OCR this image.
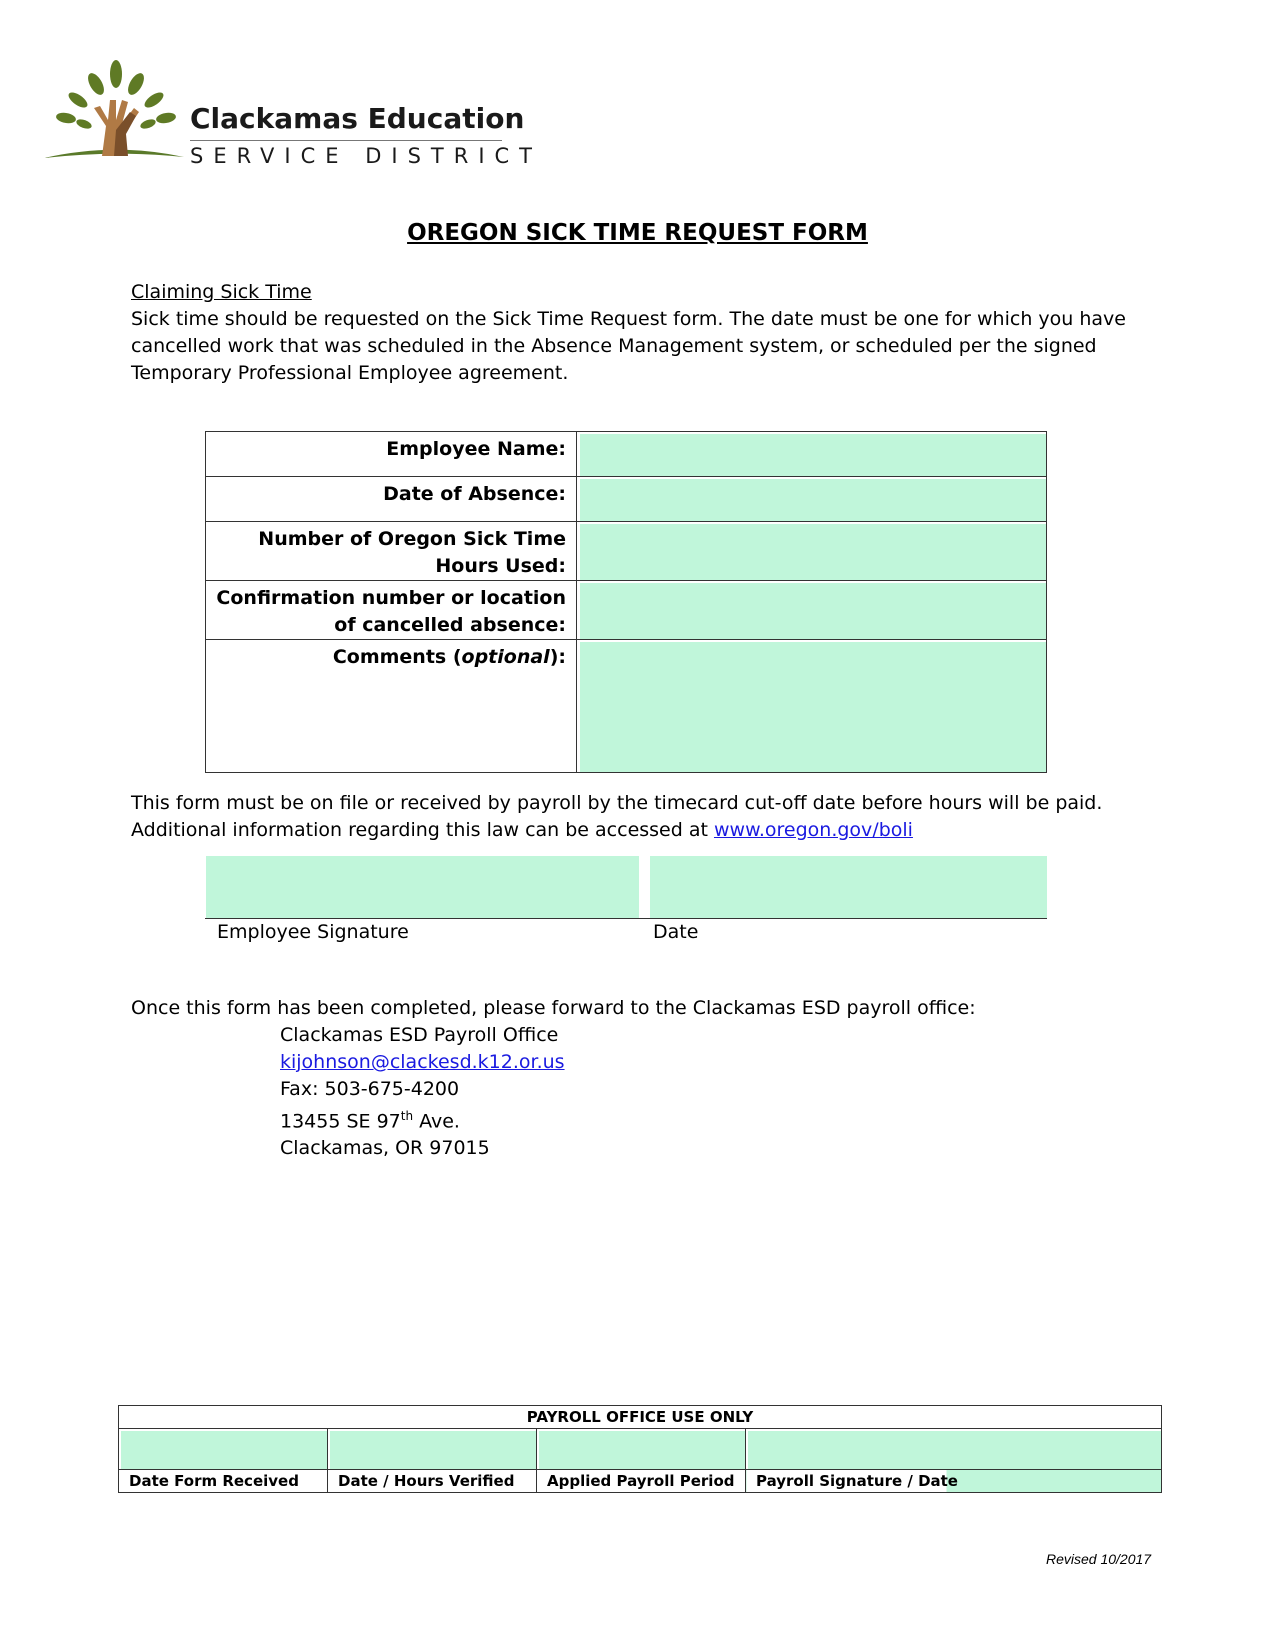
Clackamas Education
SERVICE DISTRICT
OREGON SICK TIME REQUEST FORM
Claiming Sick Time
Sick time should be requested on the Sick Time Request form. The date must be one for which you have cancelled work that was scheduled in the Absence Management system, or scheduled per the signed Temporary Professional Employee agreement.
Employee Name:	
Date of Absence:	

Number of Oregon Sick Time
Hours Used:	

Confirmation number or location
of cancelled absence:	

Comments (optional):	
This form must be on file or received by payroll by the timecard cut-off date before hours will be paid.
Additional information regarding this law can be accessed at www.oregon.gov/boli
Employee Signature	Date
Once this form has been completed, please forward to the Clackamas ESD payroll office:
Clackamas ESD Payroll Office
kijohnson@clackesd.k12.or.us
Fax: 503-675-4200
13455 SE 97th Ave.
Clackamas, OR 97015
PAYROLL OFFICE USE ONLY			

Date Form Received	Date / Hours Verified	Applied Payroll Period	Payroll Signature / Date
Revised 10/2017
